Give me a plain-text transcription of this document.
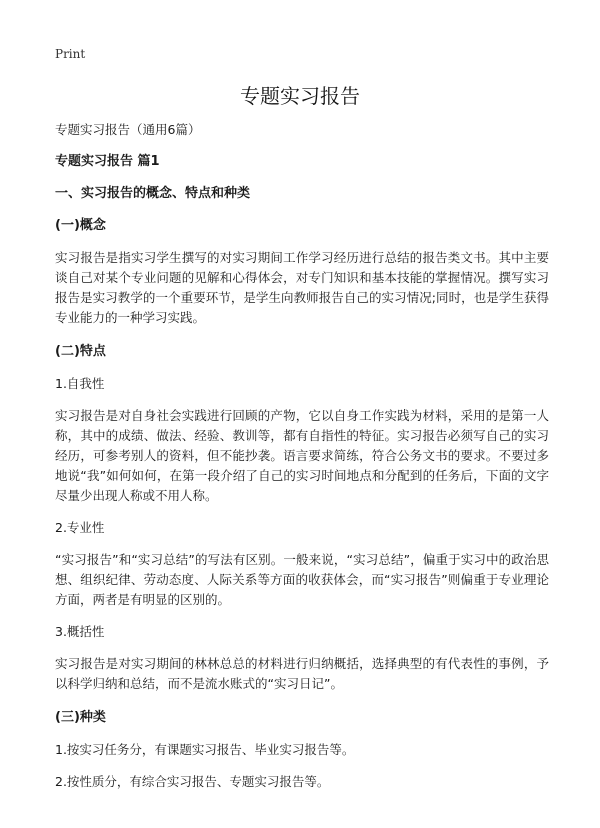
Print
专题实习报告

专题实习报告（通用6篇）

专题实习报告 篇1

一、实习报告的概念、特点和种类

(一)概念

实习报告是指实习学生撰写的对实习期间工作学习经历进行总结的报告类文书。其中主要谈自己对某个专业问题的见解和心得体会，对专门知识和基本技能的掌握情况。撰写实习报告是实习教学的一个重要环节，是学生向教师报告自己的实习情况;同时，也是学生获得专业能力的一种学习实践。

(二)特点

1.自我性

实习报告是对自身社会实践进行回顾的产物，它以自身工作实践为材料，采用的是第一人称，其中的成绩、做法、经验、教训等，都有自指性的特征。实习报告必须写自己的实习经历，可参考别人的资料，但不能抄袭。语言要求简练，符合公务文书的要求。不要过多地说“我”如何如何，在第一段介绍了自己的实习时间地点和分配到的任务后，下面的文字尽量少出现人称或不用人称。

2.专业性

“实习报告”和“实习总结”的写法有区别。一般来说，“实习总结”，偏重于实习中的政治思想、组织纪律、劳动态度、人际关系等方面的收获体会，而“实习报告”则偏重于专业理论方面，两者是有明显的区别的。

3.概括性

实习报告是对实习期间的林林总总的材料进行归纳概括，选择典型的有代表性的事例，予以科学归纳和总结，而不是流水账式的“实习日记”。

(三)种类

1.按实习任务分，有课题实习报告、毕业实习报告等。

2.按性质分，有综合实习报告、专题实习报告等。
